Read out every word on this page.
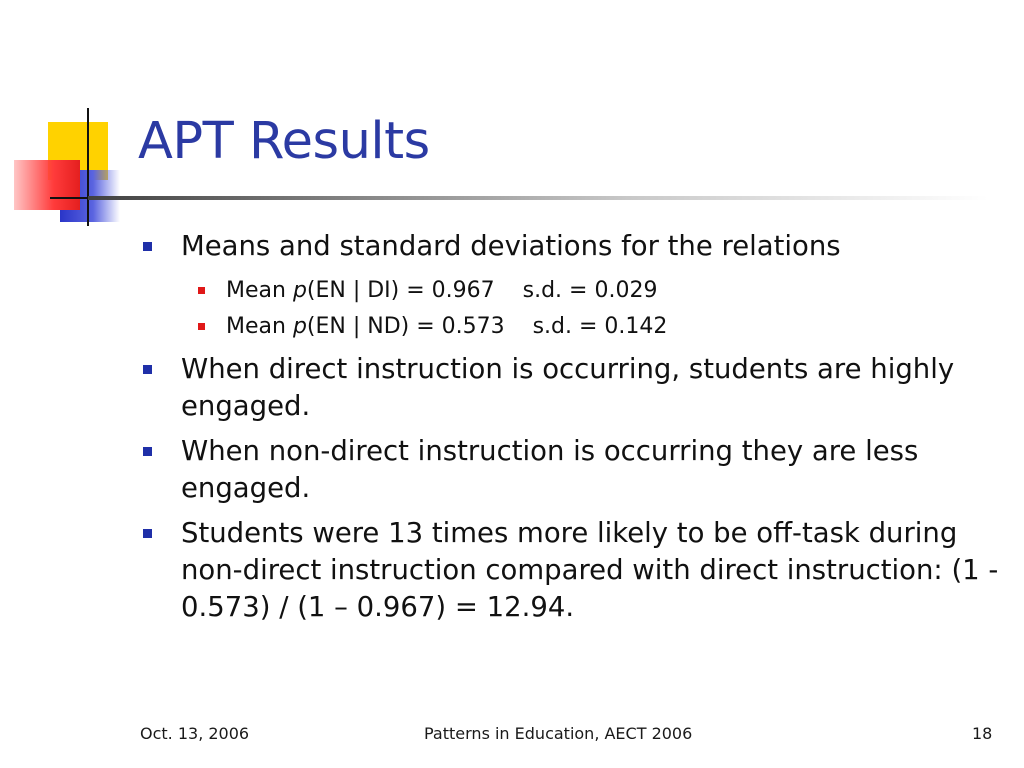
APT Results
Means and standard deviations for the relations
Mean p(EN | DI) = 0.967    s.d. = 0.029
Mean p(EN | ND) = 0.573    s.d. = 0.142
When direct instruction is occurring, students are highly engaged.
When non-direct instruction is occurring they are less engaged.
Students were 13 times more likely to be off-task during non-direct instruction compared with direct instruction: (1 - 0.573) / (1 – 0.967) = 12.94.
Oct. 13, 2006	Patterns in Education, AECT 2006	18
